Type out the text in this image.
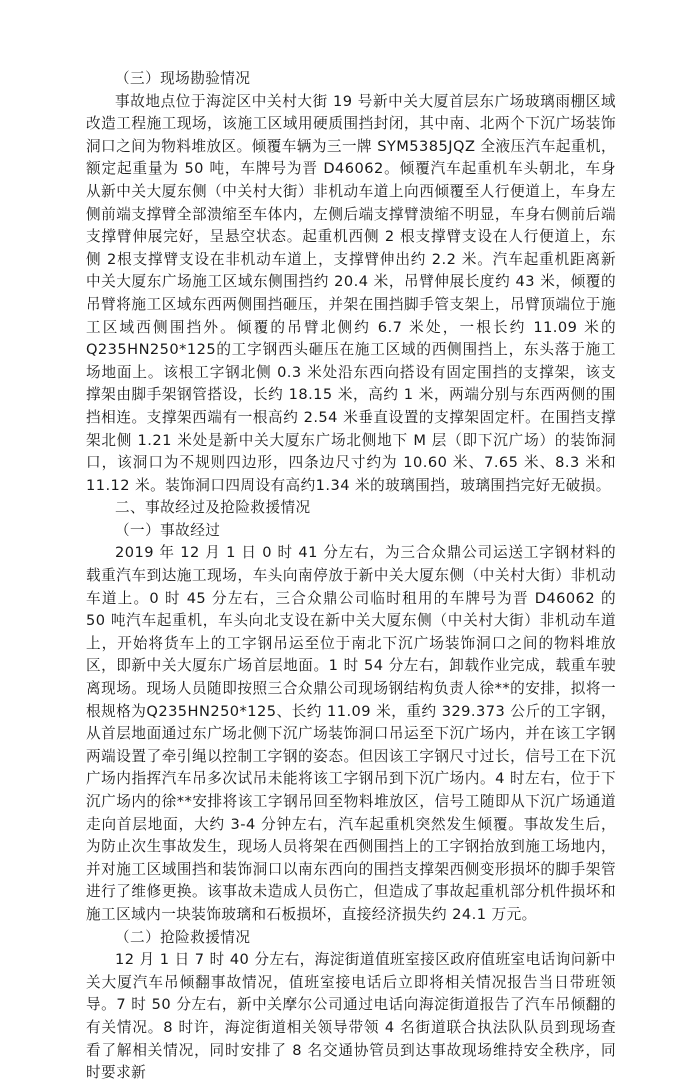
（三）现场勘验情况

事故地点位于海淀区中关村大街 19 号新中关大厦首层东广场玻璃雨棚区域改造工程施工现场，该施工区域用硬质围挡封闭，其中南、北两个下沉广场装饰洞口之间为物料堆放区。倾覆车辆为三一牌 SYM5385JQZ 全液压汽车起重机，额定起重量为 50 吨，车牌号为晋 D46062。倾覆汽车起重机车头朝北，车身从新中关大厦东侧（中关村大街）非机动车道上向西倾覆至人行便道上，车身左侧前端支撑臂全部溃缩至车体内，左侧后端支撑臂溃缩不明显，车身右侧前后端支撑臂伸展完好，呈悬空状态。起重机西侧 2 根支撑臂支设在人行便道上，东侧 2根支撑臂支设在非机动车道上，支撑臂伸出约 2.2 米。汽车起重机距离新中关大厦东广场施工区域东侧围挡约 20.4 米，吊臂伸展长度约 43 米，倾覆的吊臂将施工区域东西两侧围挡砸压，并架在围挡脚手管支架上，吊臂顶端位于施工区域西侧围挡外。倾覆的吊臂北侧约 6.7 米处，一根长约 11.09 米的 Q235HN250*125的工字钢西头砸压在施工区域的西侧围挡上，东头落于施工场地面上。该根工字钢北侧 0.3 米处沿东西向搭设有固定围挡的支撑架，该支撑架由脚手架钢管搭设，长约 18.15 米，高约 1 米，两端分别与东西两侧的围挡相连。支撑架西端有一根高约 2.54 米垂直设置的支撑架固定杆。在围挡支撑架北侧 1.21 米处是新中关大厦东广场北侧地下 M 层（即下沉广场）的装饰洞口，该洞口为不规则四边形，四条边尺寸约为 10.60 米、7.65 米、8.3 米和 11.12 米。装饰洞口四周设有高约1.34 米的玻璃围挡，玻璃围挡完好无破损。

二、事故经过及抢险救援情况

（一）事故经过

2019 年 12 月 1 日 0 时 41 分左右，为三合众鼎公司运送工字钢材料的载重汽车到达施工现场，车头向南停放于新中关大厦东侧（中关村大街）非机动车道上。0 时 45 分左右，三合众鼎公司临时租用的车牌号为晋 D46062 的 50 吨汽车起重机，车头向北支设在新中关大厦东侧（中关村大街）非机动车道上，开始将货车上的工字钢吊运至位于南北下沉广场装饰洞口之间的物料堆放区，即新中关大厦东广场首层地面。1 时 54 分左右，卸载作业完成，载重车驶离现场。现场人员随即按照三合众鼎公司现场钢结构负责人徐**的安排，拟将一根规格为Q235HN250*125、长约 11.09 米，重约 329.373 公斤的工字钢，从首层地面通过东广场北侧下沉广场装饰洞口吊运至下沉广场内，并在该工字钢两端设置了牵引绳以控制工字钢的姿态。但因该工字钢尺寸过长，信号工在下沉广场内指挥汽车吊多次试吊未能将该工字钢吊到下沉广场内。4 时左右，位于下沉广场内的徐**安排将该工字钢吊回至物料堆放区，信号工随即从下沉广场通道走向首层地面，大约 3-4 分钟左右，汽车起重机突然发生倾覆。事故发生后，为防止次生事故发生，现场人员将架在西侧围挡上的工字钢抬放到施工场地内，并对施工区域围挡和装饰洞口以南东西向的围挡支撑架西侧变形损坏的脚手架管进行了维修更换。该事故未造成人员伤亡，但造成了事故起重机部分机件损坏和施工区域内一块装饰玻璃和石板损坏，直接经济损失约 24.1 万元。

（二）抢险救援情况

12 月 1 日 7 时 40 分左右，海淀街道值班室接区政府值班室电话询问新中关大厦汽车吊倾翻事故情况，值班室接电话后立即将相关情况报告当日带班领导。7 时 50 分左右，新中关摩尔公司通过电话向海淀街道报告了汽车吊倾翻的有关情况。8 时许，海淀街道相关领导带领 4 名街道联合执法队队员到现场查看了解相关情况，同时安排了 8 名交通协管员到达事故现场维持安全秩序，同时要求新
